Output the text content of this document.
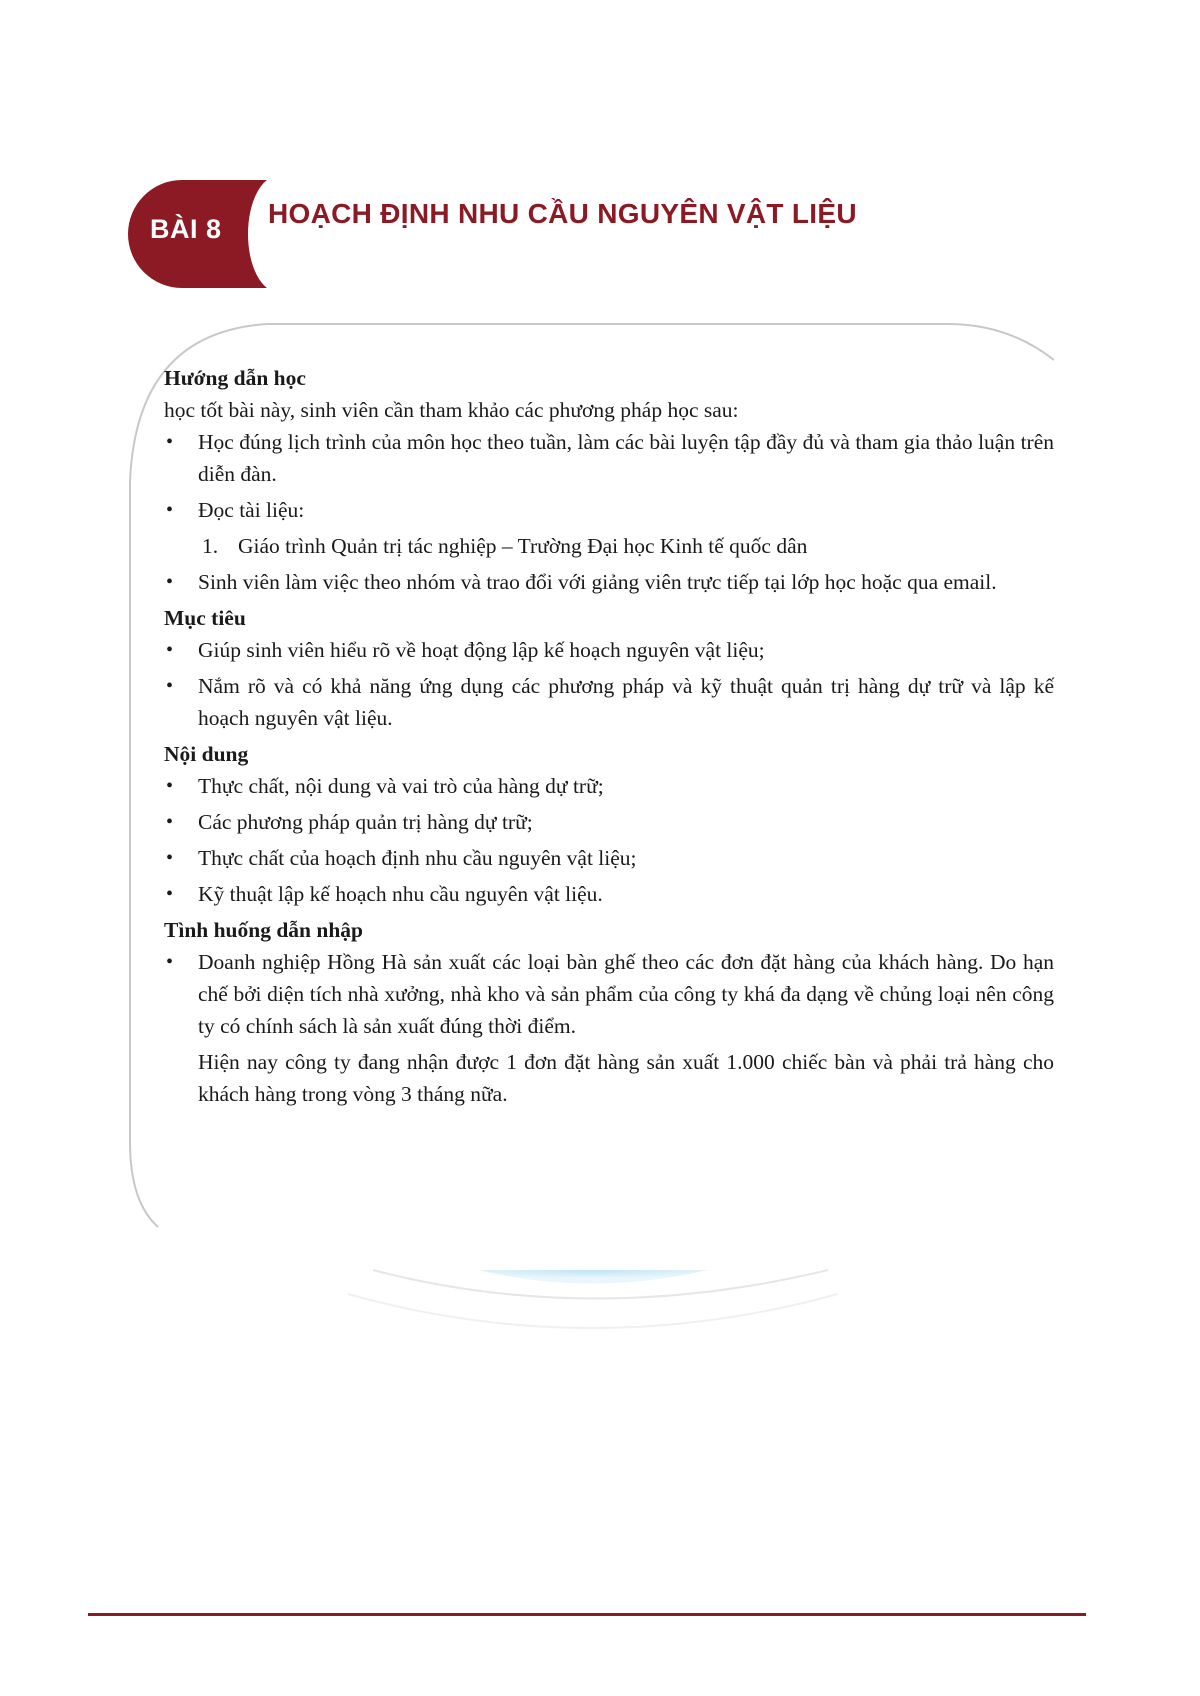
BÀI 8 HOẠCH ĐỊNH NHU CẦU NGUYÊN VẬT LIỆU

Hướng dẫn học

học tốt bài này, sinh viên cần tham khảo các phương pháp học sau:

• Học đúng lịch trình của môn học theo tuần, làm các bài luyện tập đầy đủ và tham gia thảo luận trên diễn đàn.
• Đọc tài liệu:
1. Giáo trình Quản trị tác nghiệp – Trường Đại học Kinh tế quốc dân
• Sinh viên làm việc theo nhóm và trao đổi với giảng viên trực tiếp tại lớp học hoặc qua email.

Mục tiêu

• Giúp sinh viên hiểu rõ về hoạt động lập kế hoạch nguyên vật liệu;
• Nắm rõ và có khả năng ứng dụng các phương pháp và kỹ thuật quản trị hàng dự trữ và lập kế hoạch nguyên vật liệu.

Nội dung

• Thực chất, nội dung và vai trò của hàng dự trữ;
• Các phương pháp quản trị hàng dự trữ;
• Thực chất của hoạch định nhu cầu nguyên vật liệu;
• Kỹ thuật lập kế hoạch nhu cầu nguyên vật liệu.

Tình huống dẫn nhập

• Doanh nghiệp Hồng Hà sản xuất các loại bàn ghế theo các đơn đặt hàng của khách hàng. Do hạn chế bởi diện tích nhà xưởng, nhà kho và sản phẩm của công ty khá đa dạng về chủng loại nên công ty có chính sách là sản xuất đúng thời điểm.

Hiện nay công ty đang nhận được 1 đơn đặt hàng sản xuất 1.000 chiếc bàn và phải trả hàng cho khách hàng trong vòng 3 tháng nữa.
